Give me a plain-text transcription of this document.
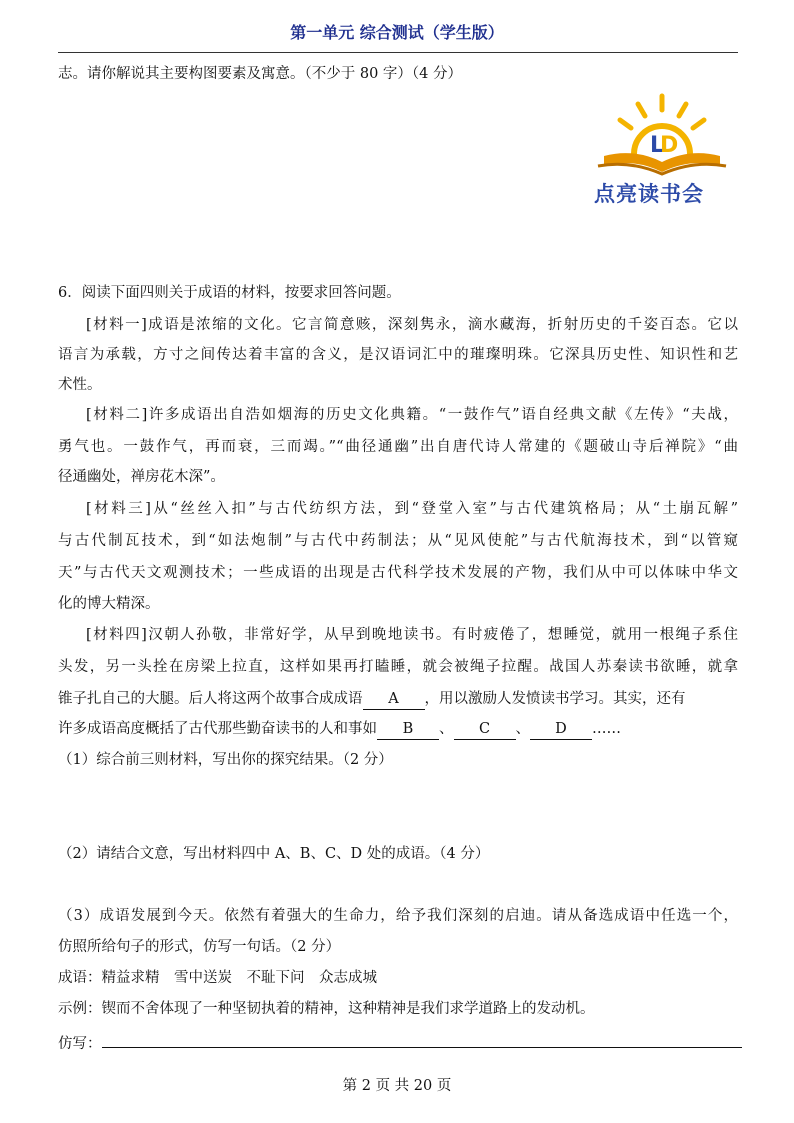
第一单元 综合测试（学生版）
志。请你解说其主要构图要素及寓意。（不少于 80 字）（4 分）
L
D
点亮读书会
6．阅读下面四则关于成语的材料，按要求回答问题。
[材料一]成语是浓缩的文化。它言简意赅，深刻隽永，滴水藏海，折射历史的千姿百态。它以
语言为承载，方寸之间传达着丰富的含义，是汉语词汇中的璀璨明珠。它深具历史性、知识性和艺
术性。
[材料二]许多成语出自浩如烟海的历史文化典籍。“一鼓作气”语自经典文献《左传》“夫战，
勇气也。一鼓作气，再而衰，三而竭。”“曲径通幽”出自唐代诗人常建的《题破山寺后禅院》“曲
径通幽处，禅房花木深”。
[材料三]从“丝丝入扣”与古代纺织方法，到“登堂入室”与古代建筑格局；从“土崩瓦解”
与古代制瓦技术，到“如法炮制”与古代中药制法；从“见风使舵”与古代航海技术，到“以管窥
天”与古代天文观测技术；一些成语的出现是古代科学技术发展的产物，我们从中可以体味中华文
化的博大精深。
[材料四]汉朝人孙敬，非常好学，从早到晚地读书。有时疲倦了，想睡觉，就用一根绳子系住
头发，另一头拴在房梁上拉直，这样如果再打瞌睡，就会被绳子拉醒。战国人苏秦读书欲睡，就拿
锥子扎自己的大腿。后人将这两个故事合成成语 A ，用以激励人发愤读书学习。其实，还有
许多成语高度概括了古代那些勤奋读书的人和事如 B 、 C 、 D ……
（1）综合前三则材料，写出你的探究结果。（2 分）
（2）请结合文意，写出材料四中 A、B、C、D 处的成语。（4 分）
（3）成语发展到今天。依然有着强大的生命力，给予我们深刻的启迪。请从备选成语中任选一个，
仿照所给句子的形式，仿写一句话。（2 分）
成语：精益求精　雪中送炭　不耻下问　众志成城
示例：锲而不舍体现了一种坚韧执着的精神，这种精神是我们求学道路上的发动机。
仿写：
第 2 页 共 20 页
